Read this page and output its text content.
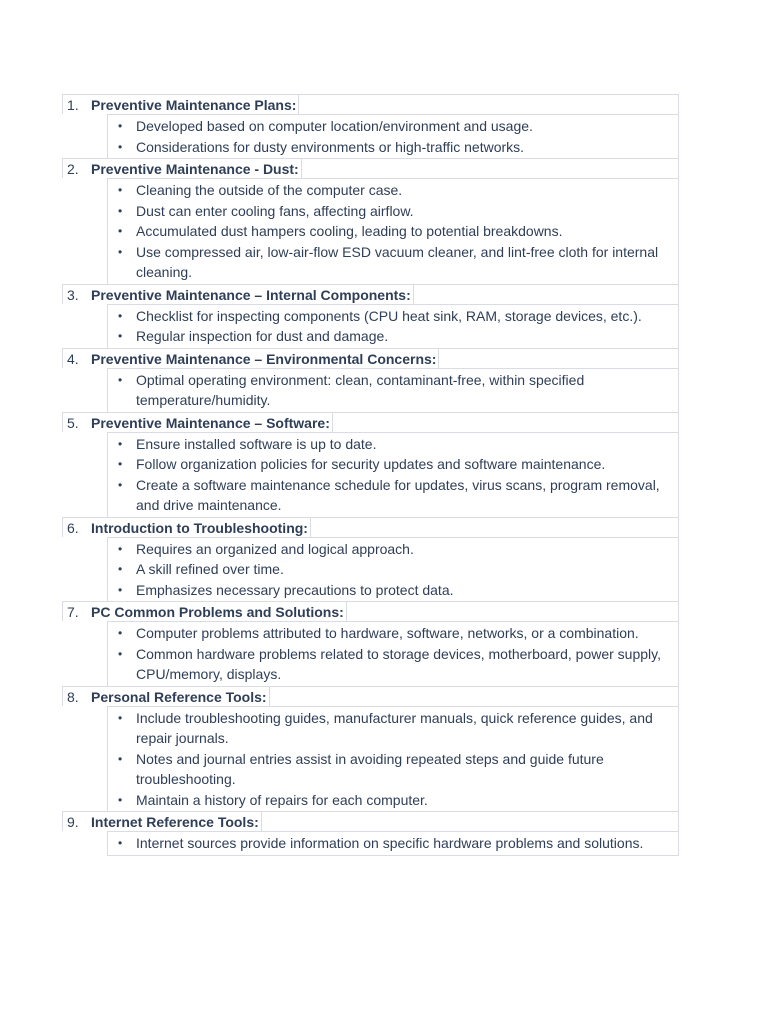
1. Preventive Maintenance Plans:
• Developed based on computer location/environment and usage.
• Considerations for dusty environments or high-traffic networks.
2. Preventive Maintenance - Dust:
• Cleaning the outside of the computer case.
• Dust can enter cooling fans, affecting airflow.
• Accumulated dust hampers cooling, leading to potential breakdowns.
• Use compressed air, low-air-flow ESD vacuum cleaner, and lint-free cloth for internal cleaning.
3. Preventive Maintenance – Internal Components:
• Checklist for inspecting components (CPU heat sink, RAM, storage devices, etc.).
• Regular inspection for dust and damage.
4. Preventive Maintenance – Environmental Concerns:
• Optimal operating environment: clean, contaminant-free, within specified temperature/humidity.
5. Preventive Maintenance – Software:
• Ensure installed software is up to date.
• Follow organization policies for security updates and software maintenance.
• Create a software maintenance schedule for updates, virus scans, program removal, and drive maintenance.
6. Introduction to Troubleshooting:
• Requires an organized and logical approach.
• A skill refined over time.
• Emphasizes necessary precautions to protect data.
7. PC Common Problems and Solutions:
• Computer problems attributed to hardware, software, networks, or a combination.
• Common hardware problems related to storage devices, motherboard, power supply, CPU/memory, displays.
8. Personal Reference Tools:
• Include troubleshooting guides, manufacturer manuals, quick reference guides, and repair journals.
• Notes and journal entries assist in avoiding repeated steps and guide future troubleshooting.
• Maintain a history of repairs for each computer.
9. Internet Reference Tools:
• Internet sources provide information on specific hardware problems and solutions.
